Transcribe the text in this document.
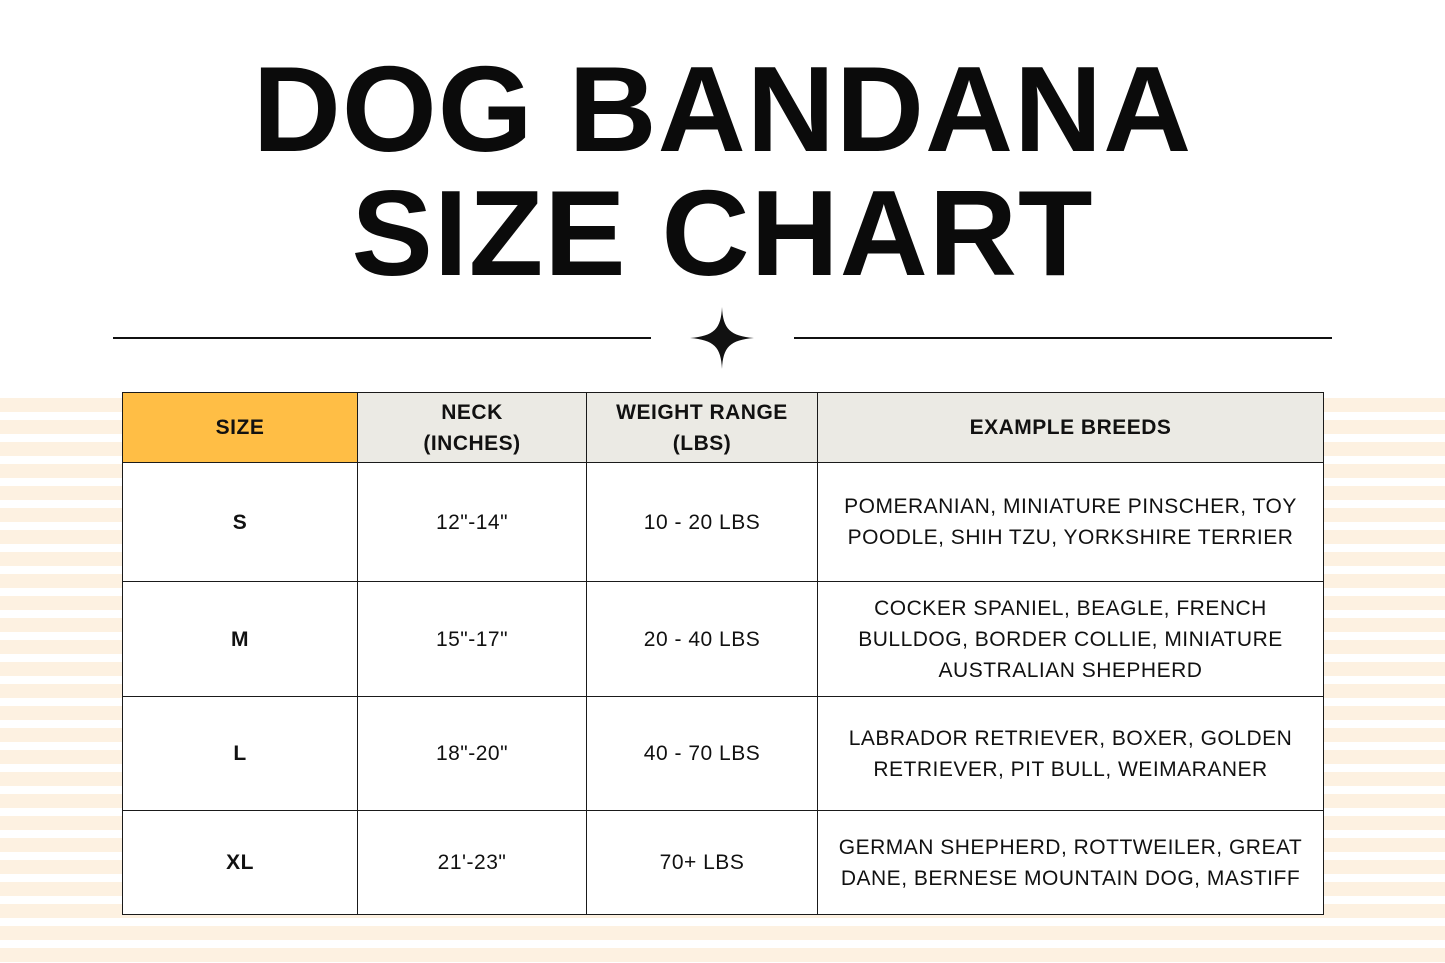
DOG BANDANA
SIZE CHART
SIZE	NECK (INCHES)	WEIGHT RANGE (LBS)	EXAMPLE BREEDS
S	12"-14"	10 - 20 LBS	POMERANIAN, MINIATURE PINSCHER, TOY POODLE, SHIH TZU, YORKSHIRE TERRIER
M	15"-17"	20 - 40 LBS	COCKER SPANIEL, BEAGLE, FRENCH BULLDOG, BORDER COLLIE, MINIATURE AUSTRALIAN SHEPHERD
L	18"-20"	40 - 70 LBS	LABRADOR RETRIEVER, BOXER, GOLDEN RETRIEVER, PIT BULL, WEIMARANER
XL	21'-23"	70+ LBS	GERMAN SHEPHERD, ROTTWEILER, GREAT DANE, BERNESE MOUNTAIN DOG, MASTIFF
